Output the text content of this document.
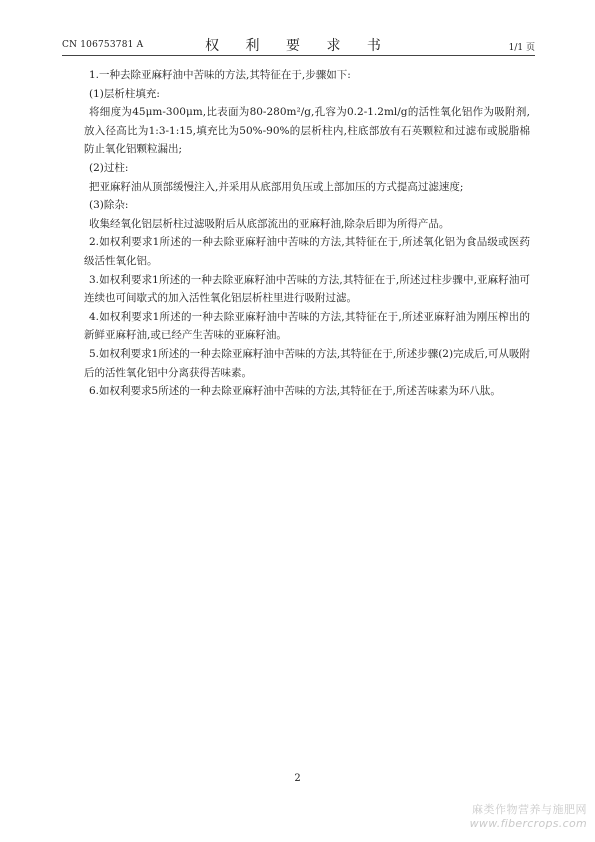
CN 106753781 A	权 利 要 求 书	1/1 页

1.一种去除亚麻籽油中苦味的方法,其特征在于,步骤如下:

(1)层析柱填充:

将细度为45μm-300μm,比表面为80-280m²/g,孔容为0.2-1.2ml/g的活性氧化铝作为吸附剂,放入径高比为1:3-1:15,填充比为50%-90%的层析柱内,柱底部放有石英颗粒和过滤布或脱脂棉防止氧化铝颗粒漏出;

(2)过柱:

把亚麻籽油从顶部缓慢注入,并采用从底部用负压或上部加压的方式提高过滤速度;

(3)除杂:

收集经氧化铝层析柱过滤吸附后从底部流出的亚麻籽油,除杂后即为所得产品。

2.如权利要求1所述的一种去除亚麻籽油中苦味的方法,其特征在于,所述氧化铝为食品级或医药级活性氧化铝。

3.如权利要求1所述的一种去除亚麻籽油中苦味的方法,其特征在于,所述过柱步骤中,亚麻籽油可连续也可间歇式的加入活性氧化铝层析柱里进行吸附过滤。

4.如权利要求1所述的一种去除亚麻籽油中苦味的方法,其特征在于,所述亚麻籽油为刚压榨出的新鲜亚麻籽油,或已经产生苦味的亚麻籽油。

5.如权利要求1所述的一种去除亚麻籽油中苦味的方法,其特征在于,所述步骤(2)完成后,可从吸附后的活性氧化铝中分离获得苦味素。

6.如权利要求5所述的一种去除亚麻籽油中苦味的方法,其特征在于,所述苦味素为环八肽。

2
麻类作物营养与施肥网
www.fibercrops.com
